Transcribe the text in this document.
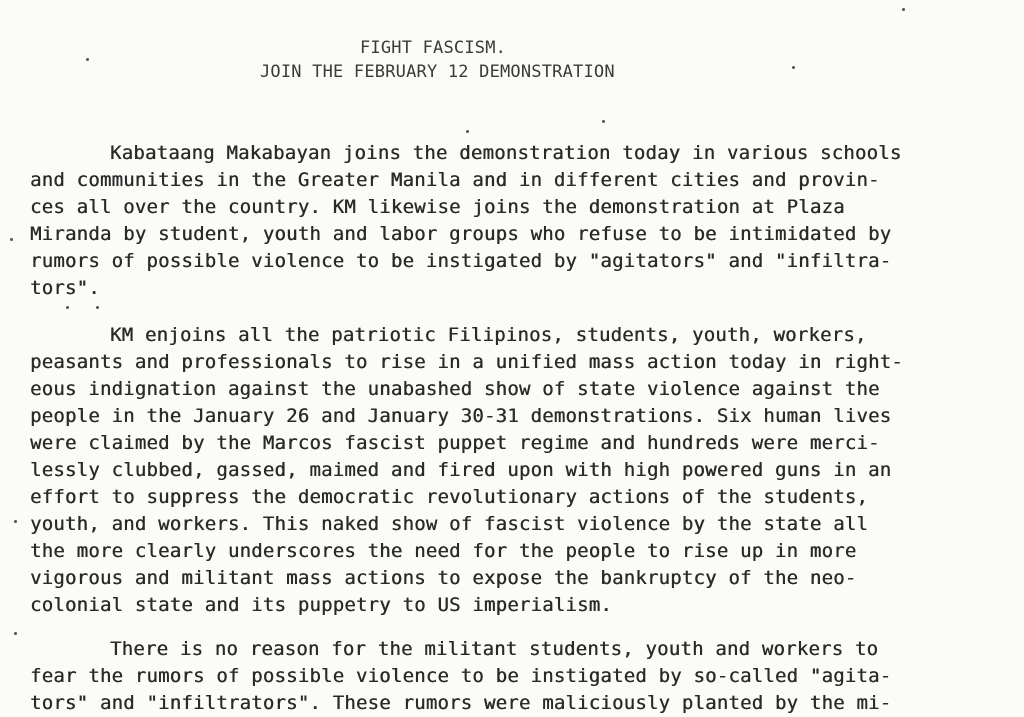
FIGHT FASCISM.
JOIN THE FEBRUARY 12 DEMONSTRATION
Kabataang Makabayan joins the demonstration today in various schools
and communities in the Greater Manila and in different cities and provin-
ces all over the country. KM likewise joins the demonstration at Plaza
Miranda by student, youth and labor groups who refuse to be intimidated by
rumors of possible violence to be instigated by "agitators" and "infiltra-
tors".
KM enjoins all the patriotic Filipinos, students, youth, workers,
peasants and professionals to rise in a unified mass action today in right-
eous indignation against the unabashed show of state violence against the
people in the January 26 and January 30-31 demonstrations. Six human lives
were claimed by the Marcos fascist puppet regime and hundreds were merci-
lessly clubbed, gassed, maimed and fired upon with high powered guns in an
effort to suppress the democratic revolutionary actions of the students,
youth, and workers. This naked show of fascist violence by the state all
the more clearly underscores the need for the people to rise up in more
vigorous and militant mass actions to expose the bankruptcy of the neo-
colonial state and its puppetry to US imperialism.
There is no reason for the militant students, youth and workers to
fear the rumors of possible violence to be instigated by so-called "agita-
tors" and "infiltrators". These rumors were maliciously planted by the mi-
